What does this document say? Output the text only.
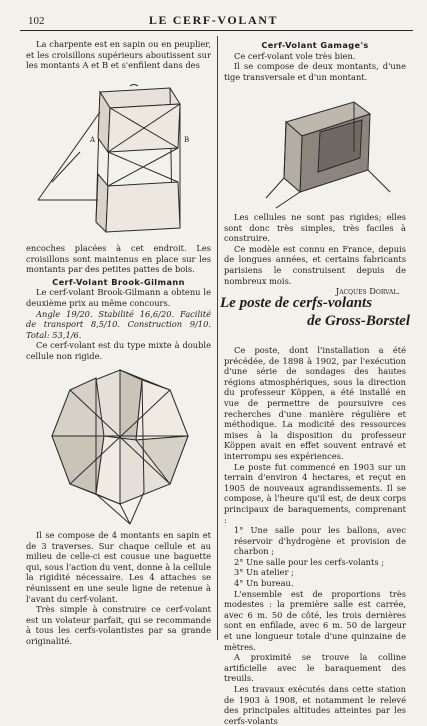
102	LE CERF-VOLANT

La charpente est en sapin ou en peuplier, et les croisillons supérieurs aboutissent sur les montants A et B et s'enfilent dans des

A	B

encoches placées à cet endroit. Les croisillons sont maintenus en place sur les montants par des petites pattes de bois.

Cerf-Volant Brook-Gilmann

Le cerf-volant Brook-Gilmann a obtenu le deuxième prix au même concours.

Angle 19/20. Stabilité 16,6/20. Facilité de transport 8,5/10. Construction 9/10. Total: 53,1/6.

Ce cerf-volant est du type mixte à double cellule non rigide.

Il se compose de 4 montants en sapin et de 3 traverses. Sur chaque cellule et au milieu de celle-ci est cousue une baguette qui, sous l'action du vent, donne à la cellule la rigidité nécessaire. Les 4 attaches se réunissent en une seule ligne de retenue à l'avant du cerf-volant.

Très simple à construire ce cerf-volant est un volateur parfait, qui se recommande à tous les cerfs-volantistes par sa grande originalité.

Cerf-Volant Gamage's

Ce cerf-volant vole très bien.

Il se compose de deux montants, d'une tige transversale et d'un montant.

Les cellules ne sont pas rigides; elles sont donc très simples, très faciles à construire.

Ce modèle est connu en France, depuis de longues années, et certains fabricants parisiens le construisent depuis de nombreux mois.

Jacques Dorval.
Le poste de cerfs-volants
de Gross-Borstel

Ce poste, dont l'installation a été précédée, de 1898 à 1902, par l'exécution d'une série de sondages des hautes régions atmosphériques, sous la direction du professeur Köppen, a été installé en vue de permettre de poursuivre ces recherches d'une manière régulière et méthodique. La modicité des ressources mises à la disposition du professeur Köppen avait en effet souvent entravé et interrompu ses expériences.

Le poste fut commencé en 1903 sur un terrain d'environ 4 hectares, et reçut en 1905 de nouveaux agrandissements. Il se compose, à l'heure qu'il est, de deux corps principaux de baraquements, comprenant :

1° Une salle pour les ballons, avec réservoir d'hydrogène et provision de charbon ;

2° Une salle pour les cerfs-volants ;

3° Un atelier ;

4° Un bureau.

L'ensemble est de proportions très modestes : la première salle est carrée, avec 6 m. 50 de côté, les trois dernières sont en enfilade, avec 6 m. 50 de largeur et une longueur totale d'une quinzaine de mètres.

A proximité se trouve la colline artificielle avec le baraquement des treuils.

Les travaux exécutés dans cette station de 1903 à 1908, et notamment le relevé des principales altitudes atteintes par les cerfs-volants
